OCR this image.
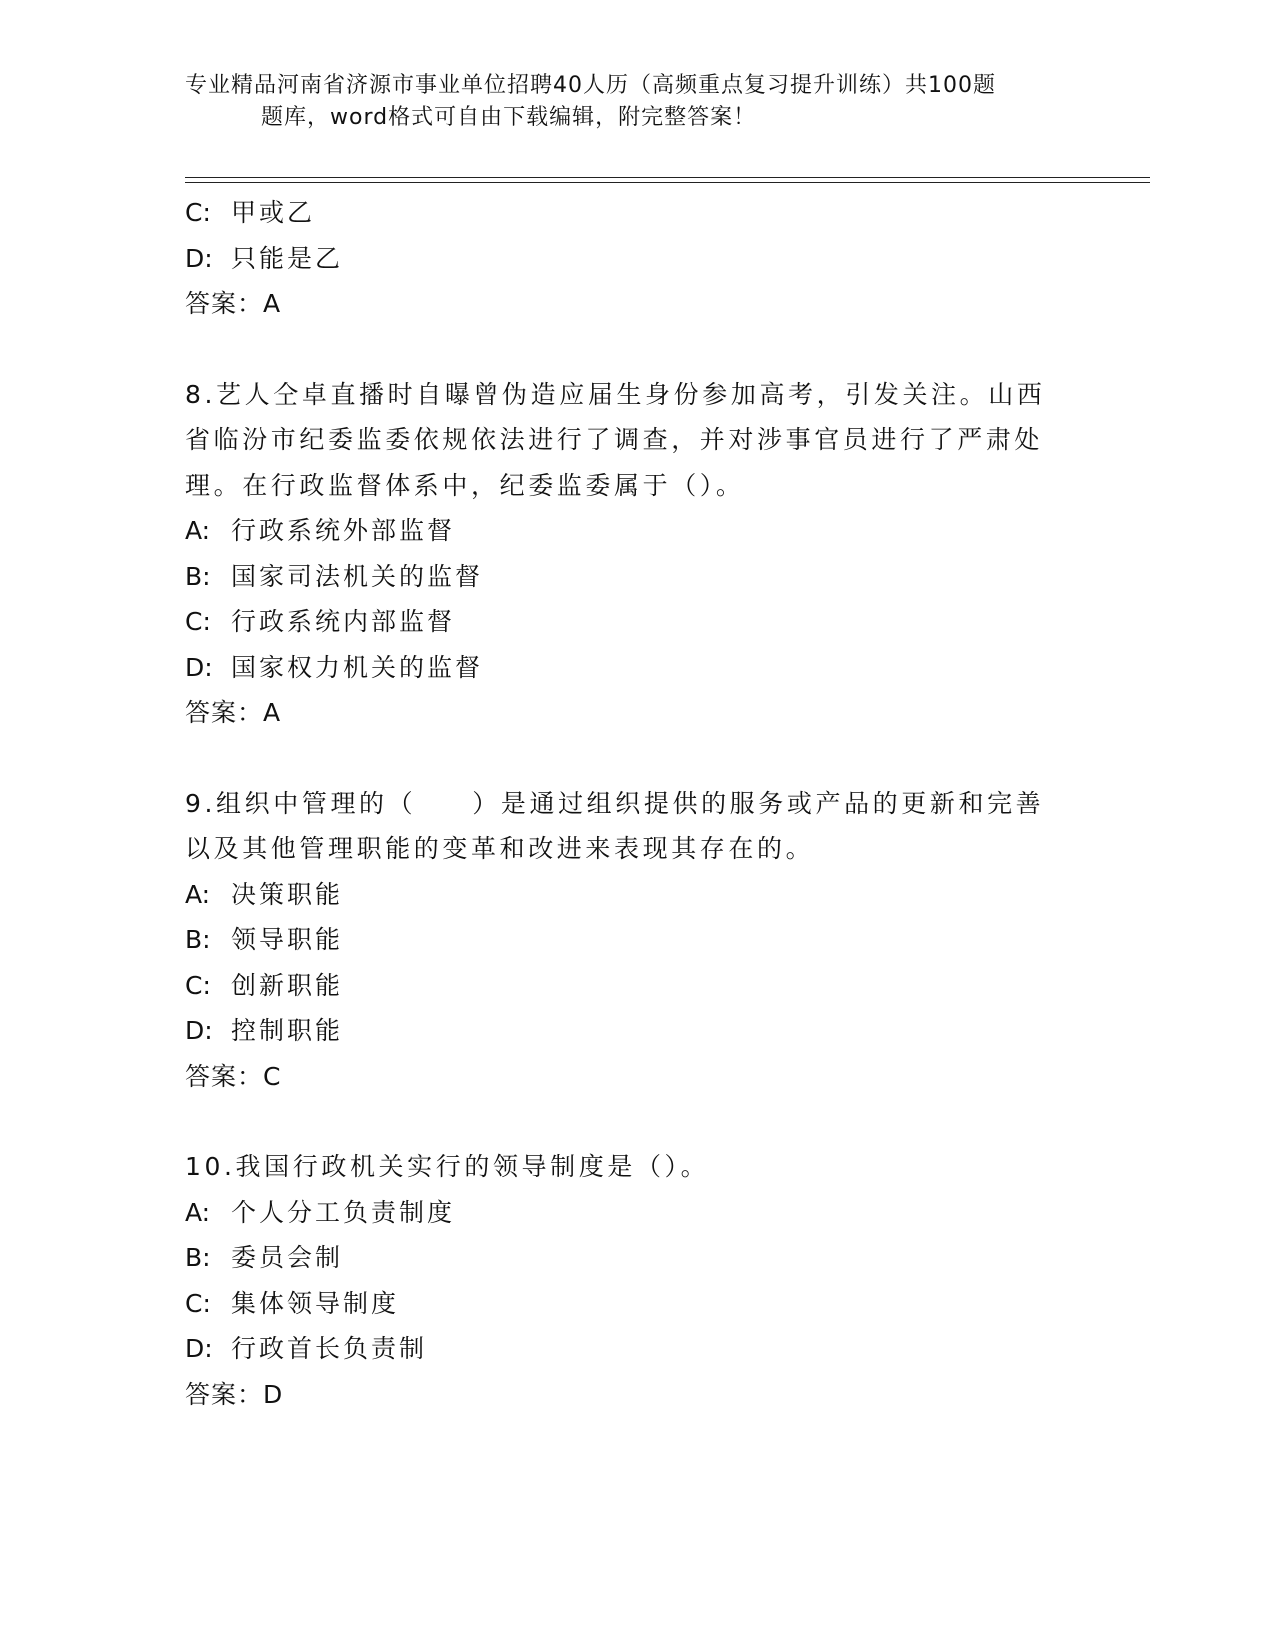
专业精品河南省济源市事业单位招聘40人历（高频重点复习提升训练）共100题
题库，word格式可自由下载编辑，附完整答案！
C: 甲或乙
D: 只能是乙
答案：A
8.艺人仝卓直播时自曝曾伪造应届生身份参加高考，引发关注。山西
省临汾市纪委监委依规依法进行了调查，并对涉事官员进行了严肃处
理。在行政监督体系中，纪委监委属于（）。
A: 行政系统外部监督
B: 国家司法机关的监督
C: 行政系统内部监督
D: 国家权力机关的监督
答案：A
9.组织中管理的（ ）是通过组织提供的服务或产品的更新和完善
以及其他管理职能的变革和改进来表现其存在的。
A: 决策职能
B: 领导职能
C: 创新职能
D: 控制职能
答案：C
10.我国行政机关实行的领导制度是（）。
A: 个人分工负责制度
B: 委员会制
C: 集体领导制度
D: 行政首长负责制
答案：D
